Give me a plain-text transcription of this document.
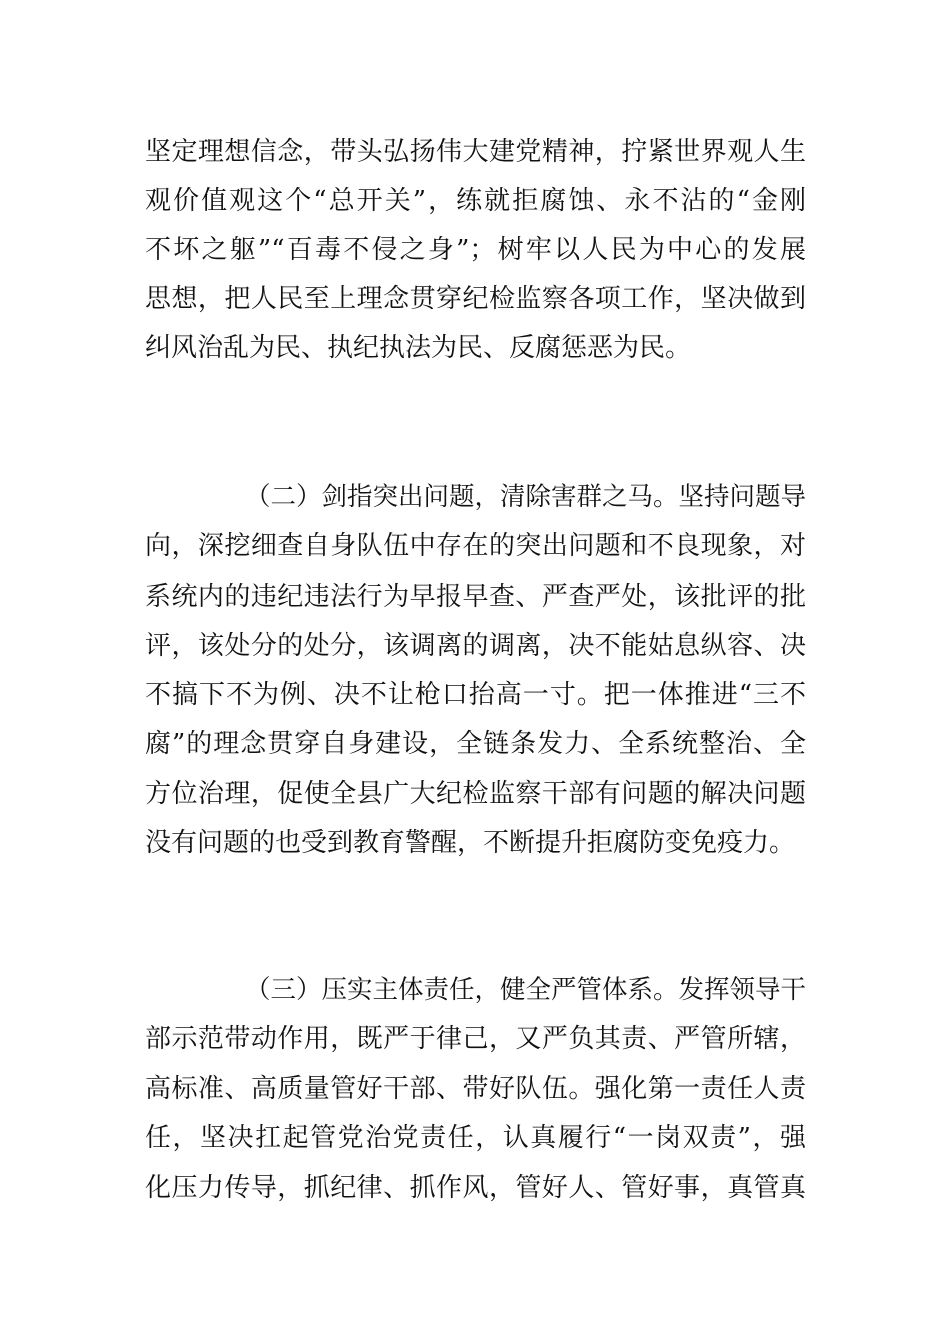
坚定理想信念，带头弘扬伟大建党精神，拧紧世界观人生

观价值观这个“总开关”，练就拒腐蚀、永不沾的“金刚

不坏之躯”“百毒不侵之身”；树牢以人民为中心的发展

思想，把人民至上理念贯穿纪检监察各项工作，坚决做到

纠风治乱为民、执纪执法为民、反腐惩恶为民。

（二）剑指突出问题，清除害群之马。坚持问题导

向，深挖细查自身队伍中存在的突出问题和不良现象，对

系统内的违纪违法行为早报早查、严查严处，该批评的批

评，该处分的处分，该调离的调离，决不能姑息纵容、决

不搞下不为例、决不让枪口抬高一寸。把一体推进“三不

腐”的理念贯穿自身建设，全链条发力、全系统整治、全

方位治理，促使全县广大纪检监察干部有问题的解决问题

没有问题的也受到教育警醒，不断提升拒腐防变免疫力。

（三）压实主体责任，健全严管体系。发挥领导干

部示范带动作用，既严于律己，又严负其责、严管所辖，

高标准、高质量管好干部、带好队伍。强化第一责任人责

任，坚决扛起管党治党责任，认真履行“一岗双责”，强

化压力传导，抓纪律、抓作风，管好人、管好事，真管真
